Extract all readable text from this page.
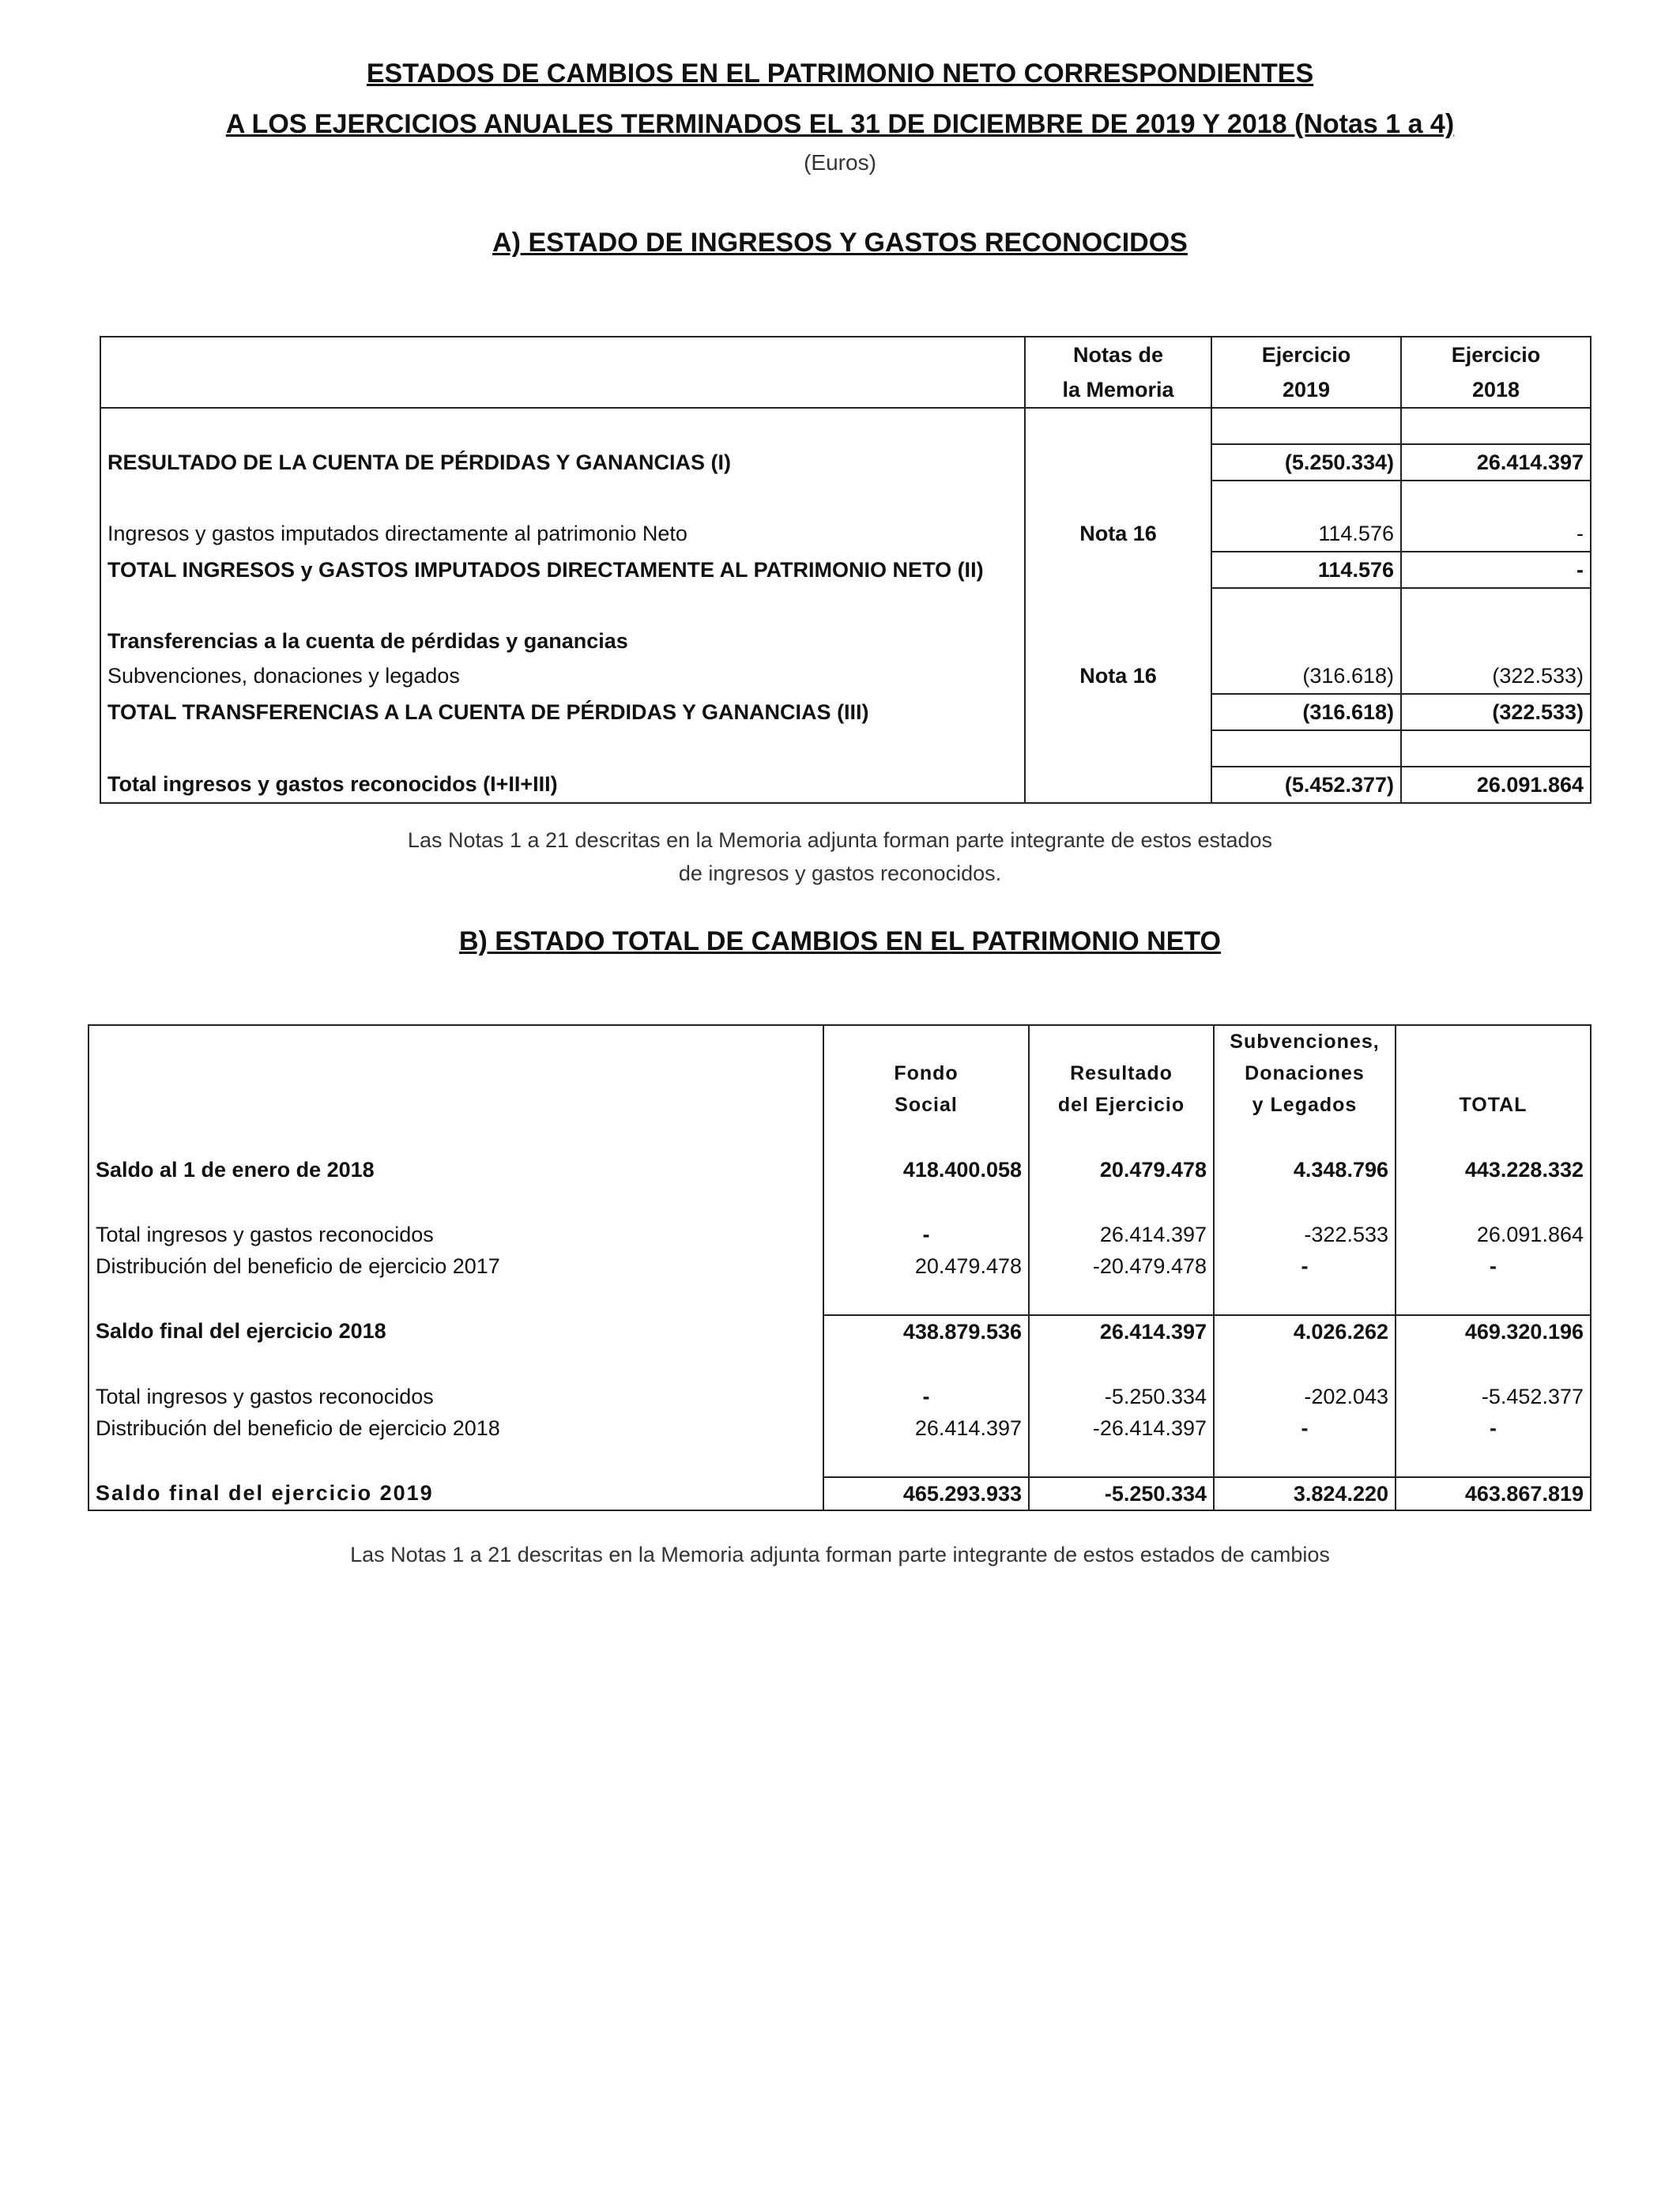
ESTADOS DE CAMBIOS EN EL PATRIMONIO NETO CORRESPONDIENTES
A LOS EJERCICIOS ANUALES TERMINADOS EL 31 DE DICIEMBRE DE 2019 Y 2018 (Notas 1 a 4)
(Euros)
A) ESTADO DE INGRESOS Y GASTOS RECONOCIDOS
	Notas de	Ejercicio	Ejercicio
	la Memoria	2019	2018

RESULTADO DE LA CUENTA DE PÉRDIDAS Y GANANCIAS (I)		(5.250.334)	26.414.397

Ingresos y gastos imputados directamente al patrimonio Neto	Nota 16	114.576	-
TOTAL INGRESOS y GASTOS IMPUTADOS DIRECTAMENTE AL PATRIMONIO NETO (II)		114.576	-

Transferencias a la cuenta de pérdidas y ganancias			
Subvenciones, donaciones y legados	Nota 16	(316.618)	(322.533)
TOTAL TRANSFERENCIAS A LA CUENTA DE PÉRDIDAS Y GANANCIAS (III)		(316.618)	(322.533)

Total ingresos y gastos reconocidos (I+II+III)		(5.452.377)	26.091.864
Las Notas 1 a 21 descritas en la Memoria adjunta forman parte integrante de estos estados
de ingresos y gastos reconocidos.
B) ESTADO TOTAL DE CAMBIOS EN EL PATRIMONIO NETO
			Subvenciones,	
	Fondo	Resultado	Donaciones	
	Social	del Ejercicio	y Legados	TOTAL

Saldo al 1 de enero de 2018	418.400.058	20.479.478	4.348.796	443.228.332

Total ingresos y gastos reconocidos	-	26.414.397	-322.533	26.091.864
Distribución del beneficio de ejercicio 2017	20.479.478	-20.479.478	-	-

Saldo final del ejercicio 2018	438.879.536	26.414.397	4.026.262	469.320.196

Total ingresos y gastos reconocidos	-	-5.250.334	-202.043	-5.452.377
Distribución del beneficio de ejercicio 2018	26.414.397	-26.414.397	-	-

Saldo final del ejercicio 2019	465.293.933	-5.250.334	3.824.220	463.867.819
Las Notas 1 a 21 descritas en la Memoria adjunta forman parte integrante de estos estados de cambios
